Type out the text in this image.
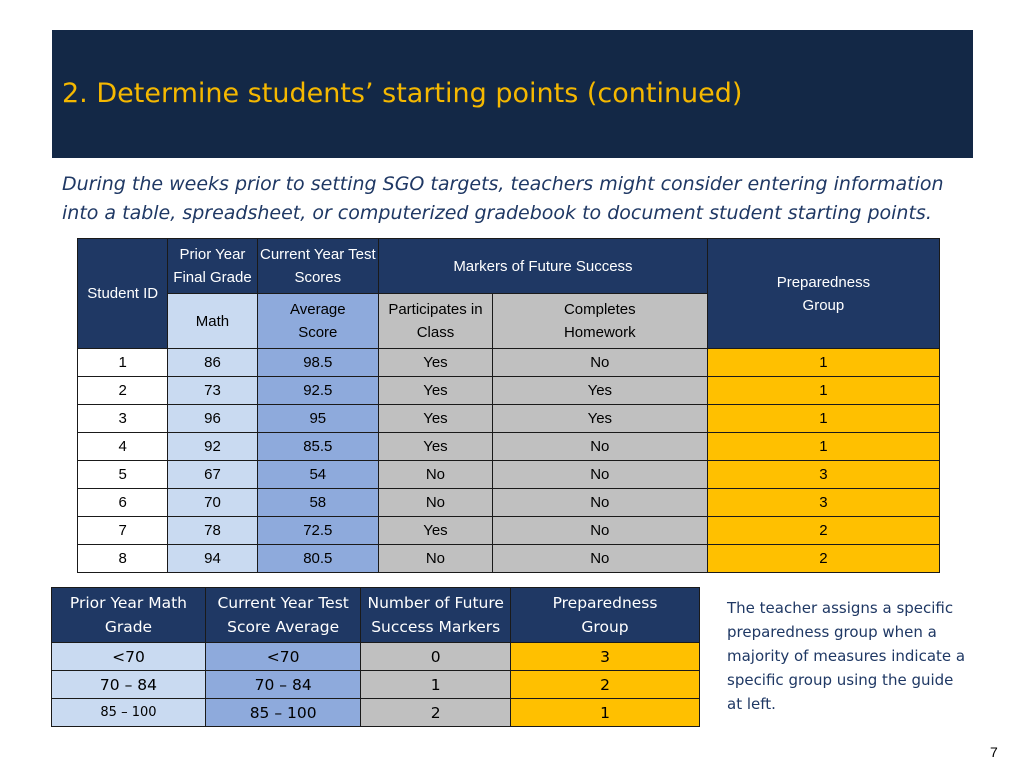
2. Determine students’ starting points (continued)
During the weeks prior to setting SGO targets, teachers might consider entering information into a table, spreadsheet, or computerized gradebook to document student starting points.
Student ID	Prior Year Final Grade	Current Year Test Scores	Markers of Future Success		Preparedness Group
	Math	Average Score	Participates in Class	Completes Homework	
1	86	98.5	Yes	No	1
2	73	92.5	Yes	Yes	1
3	96	95	Yes	Yes	1
4	92	85.5	Yes	No	1
5	67	54	No	No	3
6	70	58	No	No	3
7	78	72.5	Yes	No	2
8	94	80.5	No	No	2
Prior Year Math Grade	Current Year Test Score Average	Number of Future Success Markers	Preparedness Group
<70	<70	0	3
70 – 84	70 – 84	1	2
85 – 100	85 – 100	2	1
The teacher assigns a specific preparedness group when a majority of measures indicate a specific group using the guide at left.
7
